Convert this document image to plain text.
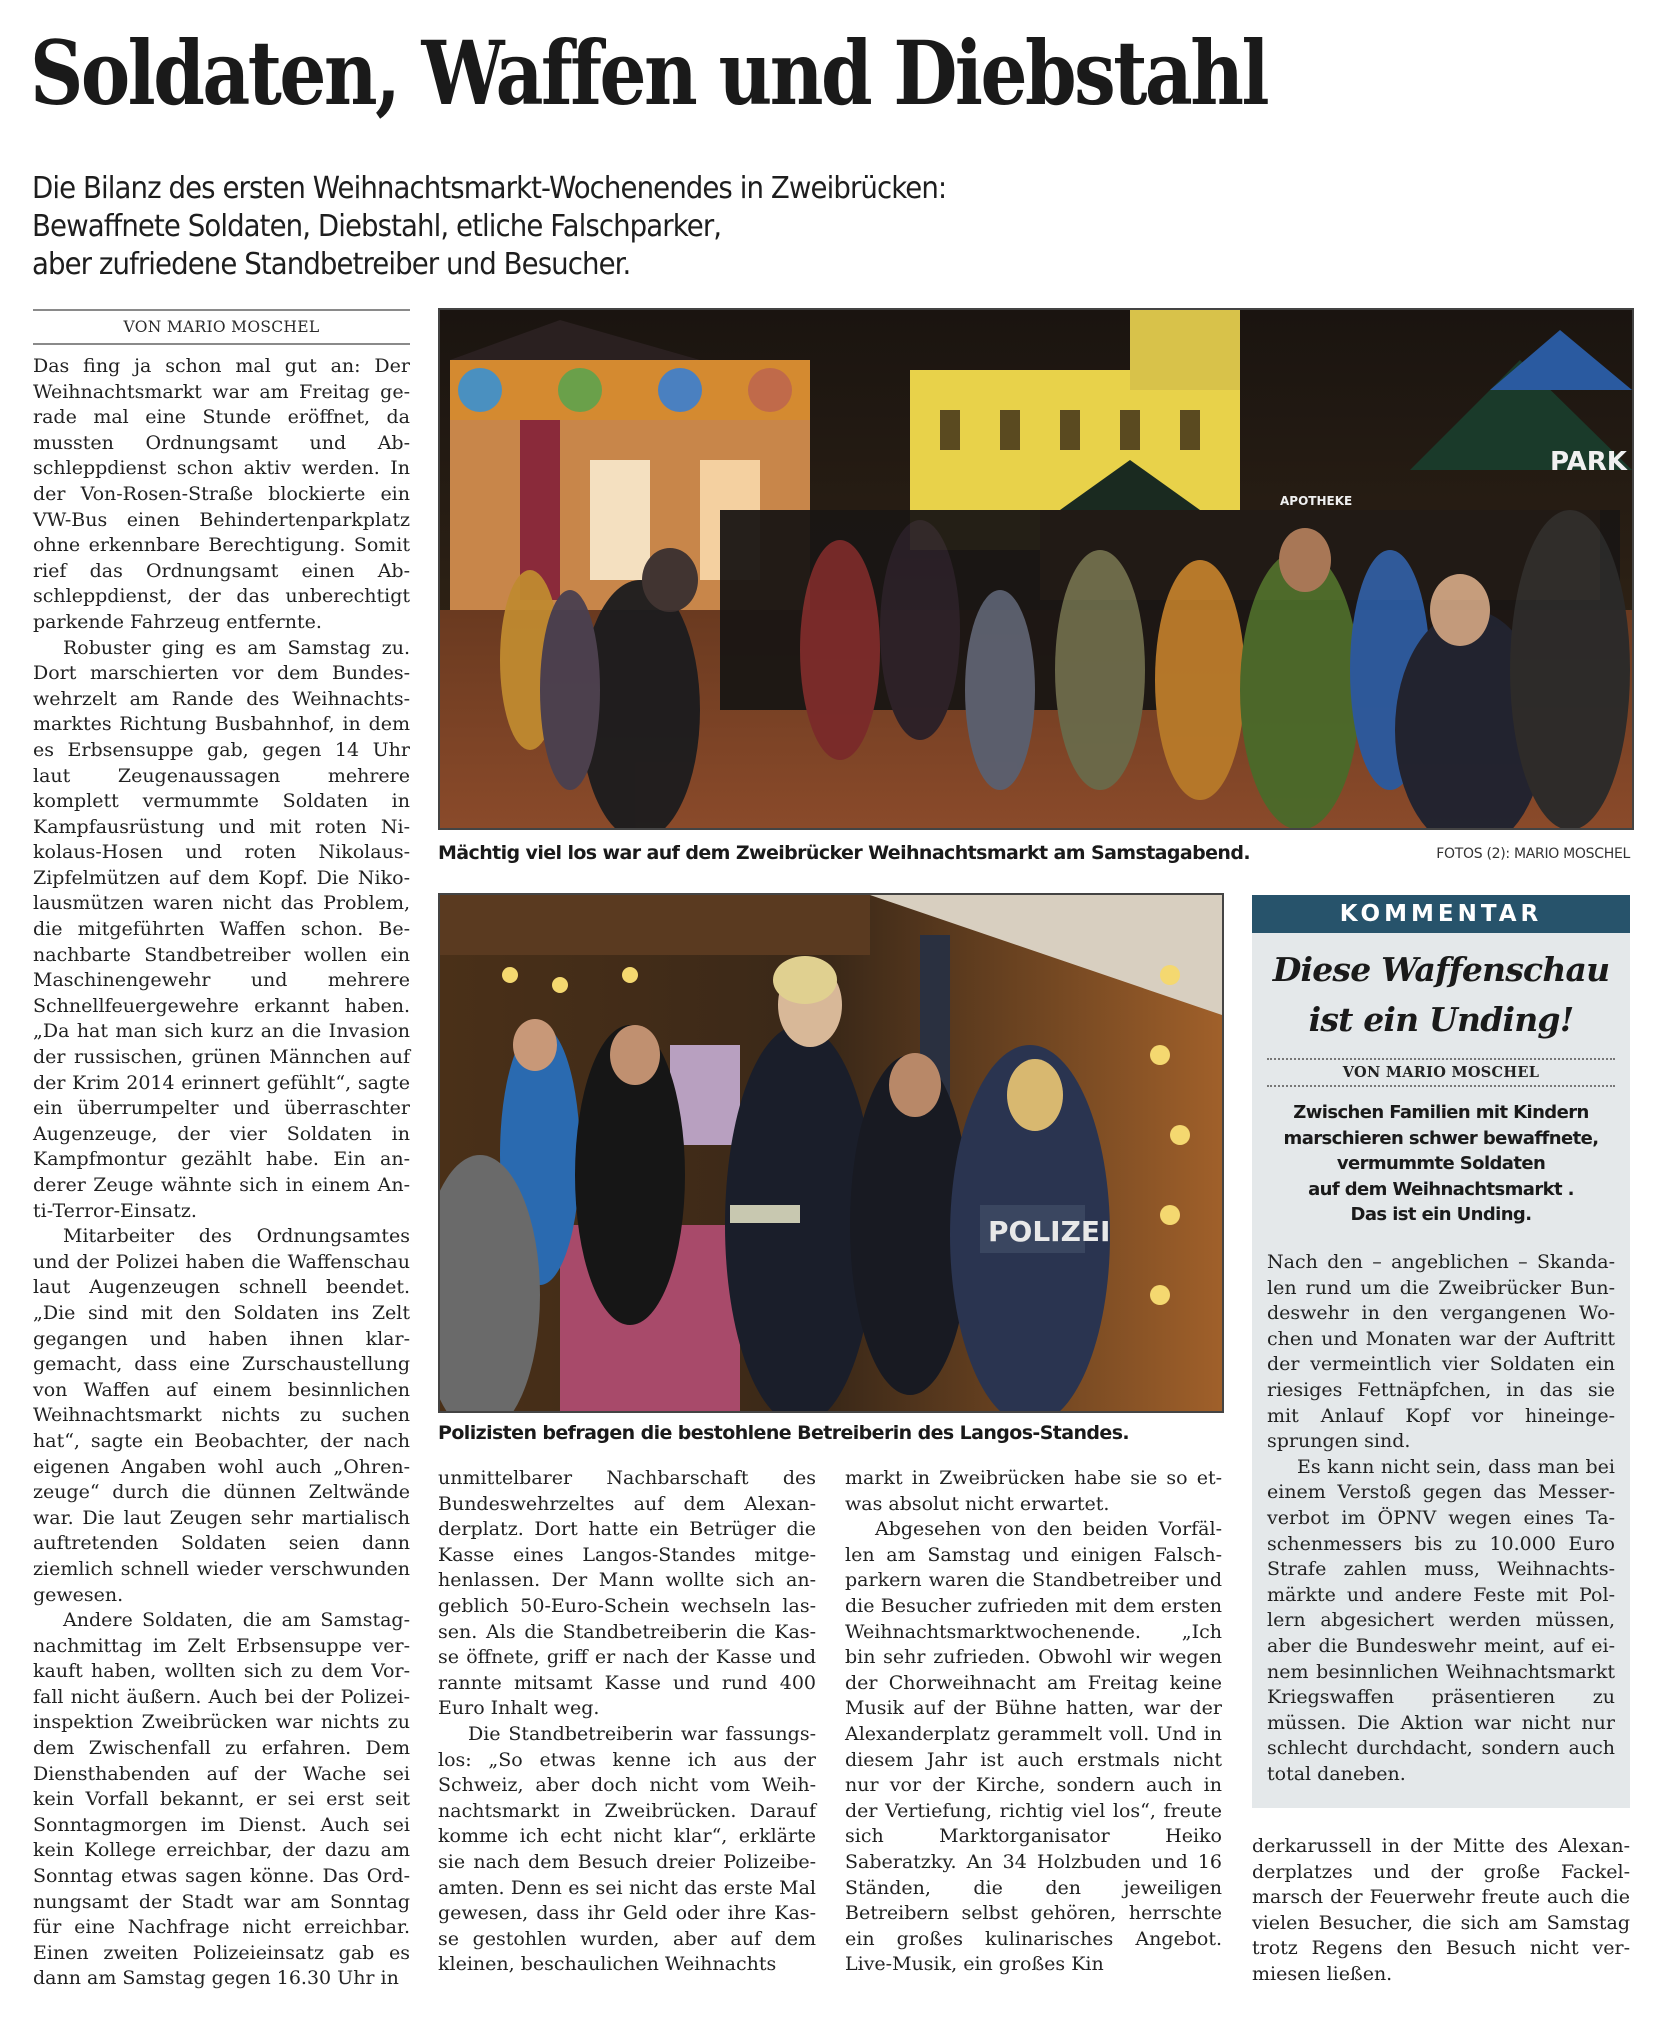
Soldaten, Waffen und Diebstahl
Die Bilanz des ersten Weihnachtsmarkt-Wochenendes in Zweibrücken:
Bewaffnete Soldaten, Diebstahl, etliche Falschparker,
aber zufriedene Standbetreiber und Besucher.
VON MARIO MOSCHEL

Das fing ja schon mal gut an: Der Weihnachtsmarkt war am Freitag gerade mal eine Stunde eröffnet, da mussten Ordnungsamt und Abschleppdienst schon aktiv werden. In der Von-Rosen-Straße blockierte ein VW-Bus einen Behindertenparkplatz ohne erkennbare Berechtigung. Somit rief das Ordnungsamt einen Abschleppdienst, der das unberechtigt parkende Fahrzeug entfernte.

Robuster ging es am Samstag zu. Dort marschierten vor dem Bundeswehrzelt am Rande des Weihnachtsmarktes Richtung Busbahnhof, in dem es Erbsensuppe gab, gegen 14 Uhr laut Zeugenaussagen mehrere komplett vermummte Soldaten in Kampfausrüstung und mit roten Nikolaus-Hosen und roten Nikolaus-Zipfelmützen auf dem Kopf. Die Nikolausmützen waren nicht das Problem, die mitgeführten Waffen schon. Benachbarte Standbetreiber wollen ein Maschinengewehr und mehrere Schnellfeuergewehre erkannt haben. „Da hat man sich kurz an die Invasion der russischen, grünen Männchen auf der Krim 2014 erinnert gefühlt“, sagte ein überrumpelter und überraschter Augenzeuge, der vier Soldaten in Kampfmontur gezählt habe. Ein anderer Zeuge wähnte sich in einem Anti-Terror-Einsatz.

Mitarbeiter des Ordnungsamtes und der Polizei haben die Waffenschau laut Augenzeugen schnell beendet. „Die sind mit den Soldaten ins Zelt gegangen und haben ihnen klargemacht, dass eine Zurschaustellung von Waffen auf einem besinnlichen Weihnachtsmarkt nichts zu suchen hat“, sagte ein Beobachter, der nach eigenen Angaben wohl auch „Ohrenzeuge“ durch die dünnen Zeltwände war. Die laut Zeugen sehr martialisch auftretenden Soldaten seien dann ziemlich schnell wieder verschwunden gewesen.

Andere Soldaten, die am Samstagnachmittag im Zelt Erbsensuppe verkauft haben, wollten sich zu dem Vorfall nicht äußern. Auch bei der Polizeiinspektion Zweibrücken war nichts zu dem Zwischenfall zu erfahren. Dem Diensthabenden auf der Wache sei kein Vorfall bekannt, er sei erst seit Sonntagmorgen im Dienst. Auch sei kein Kollege erreichbar, der dazu am Sonntag etwas sagen könne. Das Ordnungsamt der Stadt war am Sonntag für eine Nachfrage nicht erreichbar. Einen zweiten Polizeieinsatz gab es dann am Samstag gegen 16.30 Uhr in

PARK
APOTHEKE
Mächtig viel los war auf dem Zweibrücker Weihnachtsmarkt am Samstagabend.	FOTOS (2): MARIO MOSCHEL
POLIZEI
Polizisten befragen die bestohlene Betreiberin des Langos-Standes.

unmittelbarer Nachbarschaft des Bundeswehrzeltes auf dem Alexanderplatz. Dort hatte ein Betrüger die Kasse eines Langos-Standes mitgehenlassen. Der Mann wollte sich angeblich 50-Euro-Schein wechseln lassen. Als die Standbetreiberin die Kasse öffnete, griff er nach der Kasse und rannte mitsamt Kasse und rund 400 Euro Inhalt weg.

Die Standbetreiberin war fassungslos: „So etwas kenne ich aus der Schweiz, aber doch nicht vom Weihnachtsmarkt in Zweibrücken. Darauf komme ich echt nicht klar“, erklärte sie nach dem Besuch dreier Polizeibeamten. Denn es sei nicht das erste Mal gewesen, dass ihr Geld oder ihre Kasse gestohlen wurden, aber auf dem kleinen, beschaulichen Weihnachts

markt in Zweibrücken habe sie so etwas absolut nicht erwartet.

Abgesehen von den beiden Vorfällen am Samstag und einigen Falschparkern waren die Standbetreiber und die Besucher zufrieden mit dem ersten Weihnachtsmarktwochenende. „Ich bin sehr zufrieden. Obwohl wir wegen der Chorweihnacht am Freitag keine Musik auf der Bühne hatten, war der Alexanderplatz gerammelt voll. Und in diesem Jahr ist auch erstmals nicht nur vor der Kirche, sondern auch in der Vertiefung, richtig viel los“, freute sich Marktorganisator Heiko Saberatzky. An 34 Holzbuden und 16 Ständen, die den jeweiligen Betreibern selbst gehören, herrschte ein großes kulinarisches Angebot. Live-Musik, ein großes Kin

KOMMENTAR
Diese Waffenschau
ist ein Unding!
VON MARIO MOSCHEL
Zwischen Familien mit Kindern
marschieren schwer bewaffnete,
vermummte Soldaten
auf dem Weihnachtsmarkt .
Das ist ein Unding.

Nach den – angeblichen – Skandalen rund um die Zweibrücker Bundeswehr in den vergangenen Wochen und Monaten war der Auftritt der vermeintlich vier Soldaten ein riesiges Fettnäpfchen, in das sie mit Anlauf Kopf vor hineingesprungen sind.

Es kann nicht sein, dass man bei einem Verstoß gegen das Messerverbot im ÖPNV wegen eines Taschenmessers bis zu 10.000 Euro Strafe zahlen muss, Weihnachtsmärkte und andere Feste mit Pollern abgesichert werden müssen, aber die Bundeswehr meint, auf einem besinnlichen Weihnachtsmarkt Kriegswaffen präsentieren zu müssen. Die Aktion war nicht nur schlecht durchdacht, sondern auch total daneben.

derkarussell in der Mitte des Alexanderplatzes und der große Fackelmarsch der Feuerwehr freute auch die vielen Besucher, die sich am Samstag trotz Regens den Besuch nicht vermiesen ließen.
